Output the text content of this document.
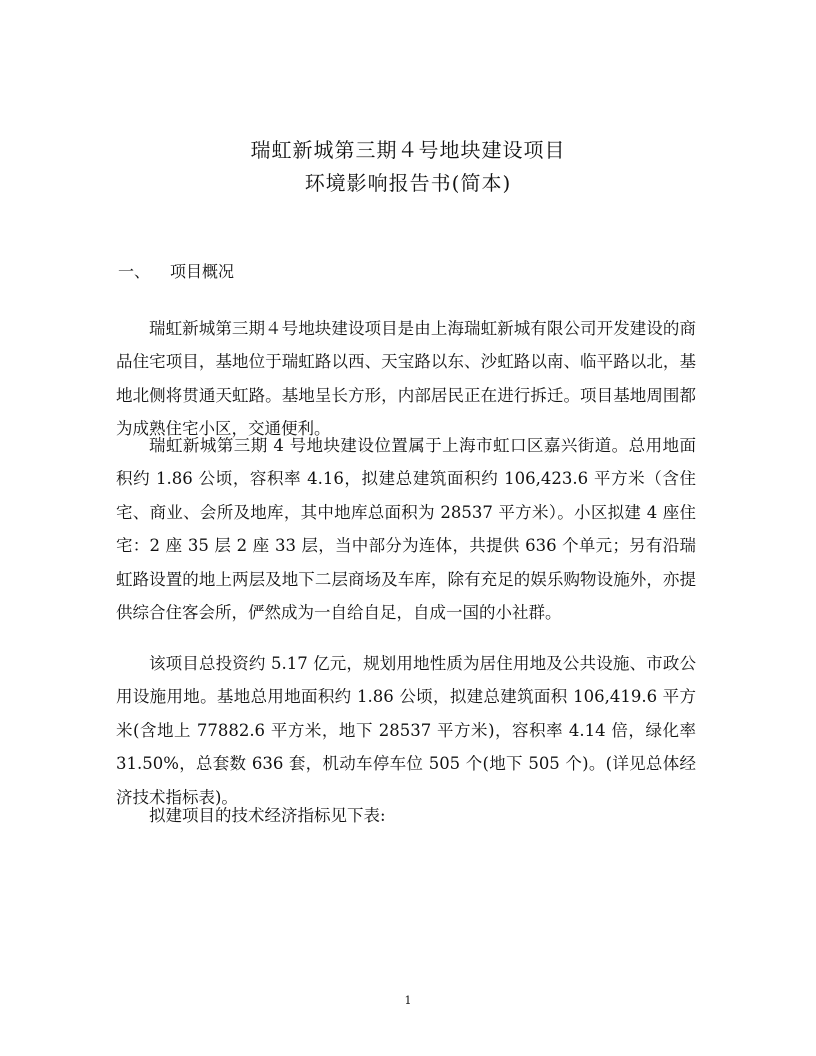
瑞虹新城第三期４号地块建设项目
环境影响报告书(简本)
一、 项目概况

瑞虹新城第三期４号地块建设项目是由上海瑞虹新城有限公司开发建设的商品住宅项目，基地位于瑞虹路以西、天宝路以东、沙虹路以南、临平路以北，基地北侧将贯通天虹路。基地呈长方形，内部居民正在进行拆迁。项目基地周围都为成熟住宅小区，交通便利。

瑞虹新城第三期 4 号地块建设位置属于上海市虹口区嘉兴街道。总用地面积约 1.86 公顷，容积率 4.16，拟建总建筑面积约 106,423.6 平方米（含住宅、商业、会所及地库，其中地库总面积为 28537 平方米）。小区拟建 4 座住宅：2 座 35 层 2 座 33 层，当中部分为连体，共提供 636 个单元；另有沿瑞虹路设置的地上两层及地下二层商场及车库，除有充足的娱乐购物设施外，亦提供综合住客会所，俨然成为一自给自足，自成一国的小社群。

该项目总投资约 5.17 亿元，规划用地性质为居住用地及公共设施、市政公用设施用地。基地总用地面积约 1.86 公顷，拟建总建筑面积 106,419.6 平方米(含地上 77882.6 平方米，地下 28537 平方米)，容积率 4.14 倍，绿化率 31.50%，总套数 636 套，机动车停车位 505 个(地下 505 个)。(详见总体经济技术指标表)。

拟建项目的技术经济指标见下表:

1
